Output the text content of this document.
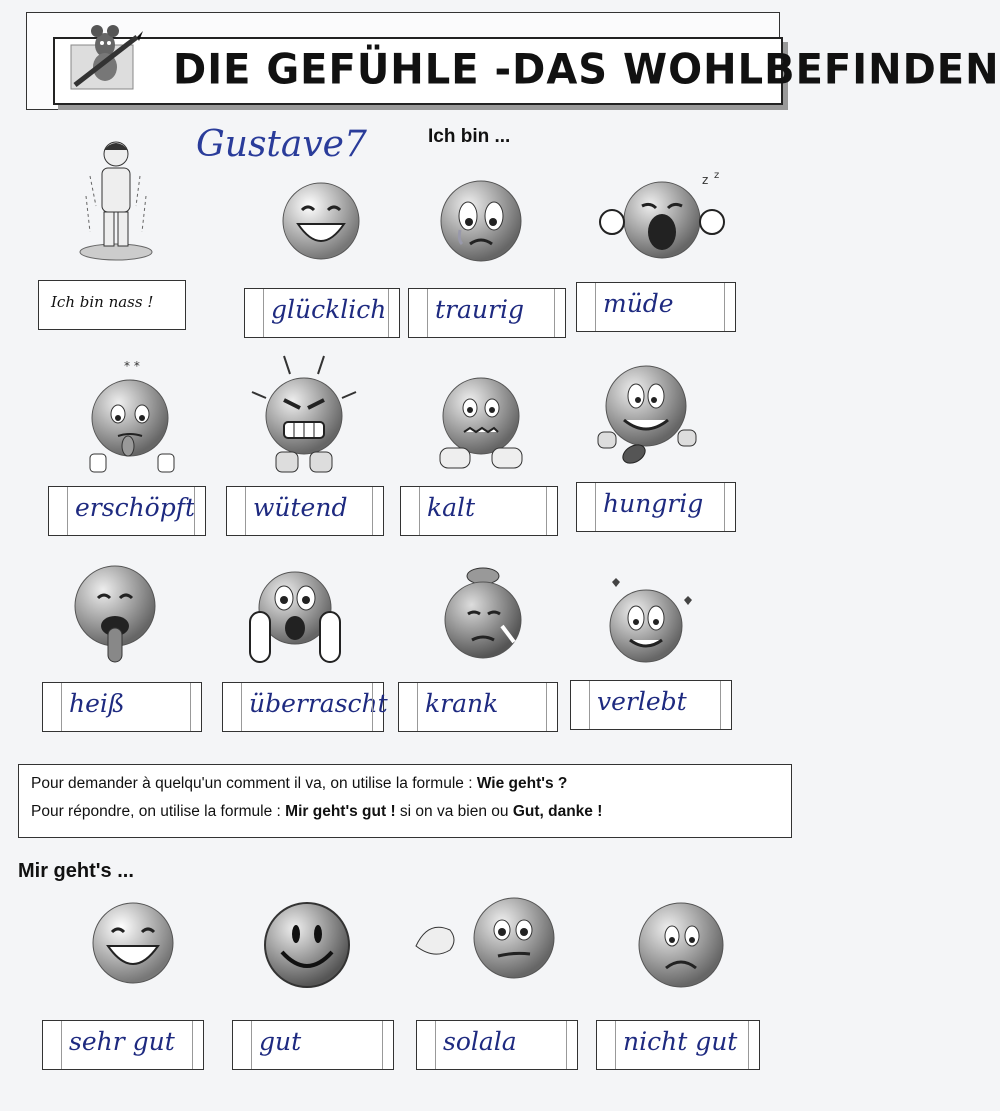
DIE GEFÜHLE -DAS WOHLBEFINDEN
Gustave7	Ich bin ...
Ich bin nass !
z z
glücklich traurig	müde
* *
erschöpft wütend	kalt	hungrig
heiß	überrascht krank	verlebt
Pour demander à quelqu'un comment il va, on utilise la formule : Wie geht's ?
Pour répondre, on utilise la formule : Mir geht's gut ! si on va bien ou Gut, danke !
Mir geht's ...
sehr gut	gut	solala	nicht gut
